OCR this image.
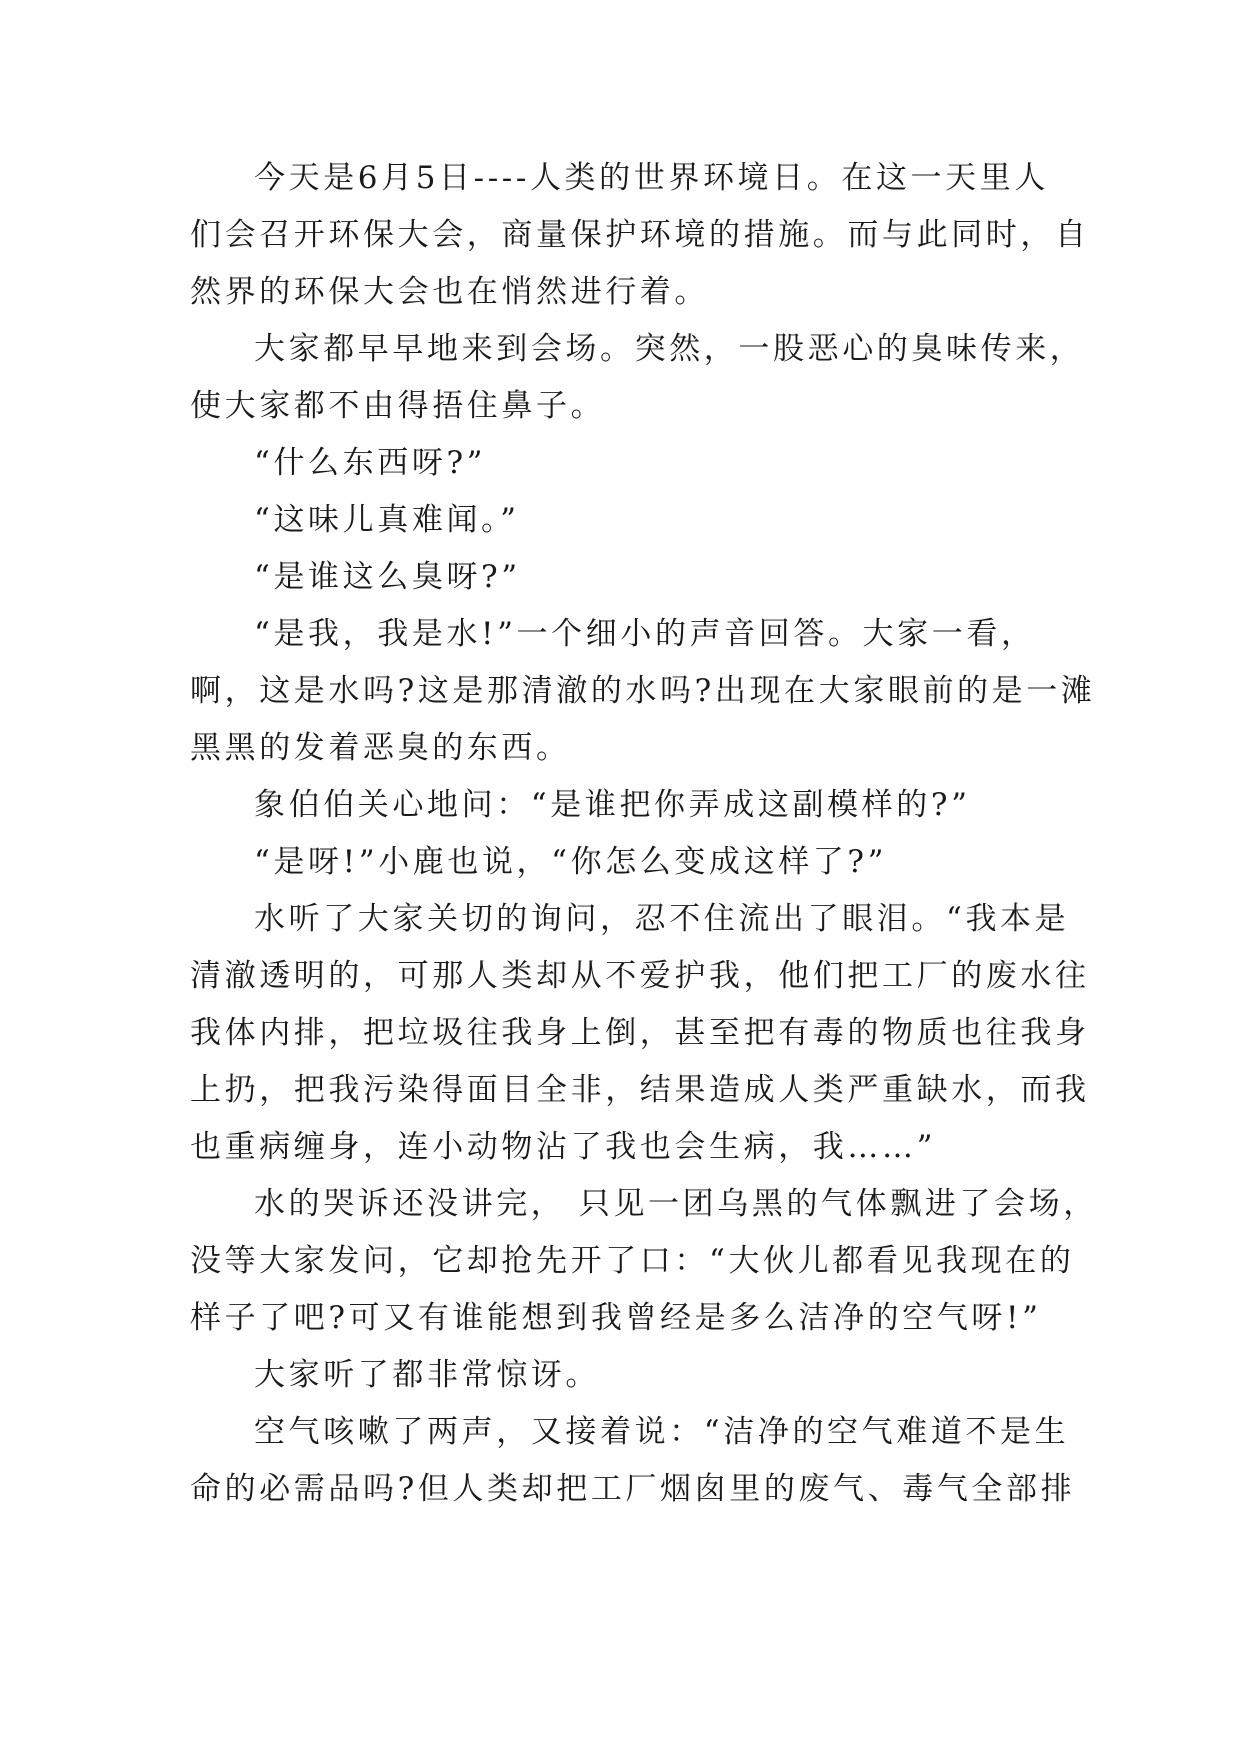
今天是6月5日----人类的世界环境日。在这一天里人
们会召开环保大会，商量保护环境的措施。而与此同时，自
然界的环保大会也在悄然进行着。
大家都早早地来到会场。突然，一股恶心的臭味传来，
使大家都不由得捂住鼻子。
“什么东西呀?”
“这味儿真难闻。”
“是谁这么臭呀?”
“是我，我是水!”一个细小的声音回答。大家一看，
啊，这是水吗?这是那清澈的水吗?出现在大家眼前的是一滩
黑黑的发着恶臭的东西。
象伯伯关心地问：“是谁把你弄成这副模样的?”
“是呀!”小鹿也说，“你怎么变成这样了?”
水听了大家关切的询问，忍不住流出了眼泪。“我本是
清澈透明的，可那人类却从不爱护我，他们把工厂的废水往
我体内排，把垃圾往我身上倒，甚至把有毒的物质也往我身
上扔，把我污染得面目全非，结果造成人类严重缺水，而我
也重病缠身，连小动物沾了我也会生病，我……”
水的哭诉还没讲完， 只见一团乌黑的气体飘进了会场，
没等大家发问，它却抢先开了口：“大伙儿都看见我现在的
样子了吧?可又有谁能想到我曾经是多么洁净的空气呀!”
大家听了都非常惊讶。
空气咳嗽了两声，又接着说：“洁净的空气难道不是生
命的必需品吗?但人类却把工厂烟囱里的废气、毒气全部排
